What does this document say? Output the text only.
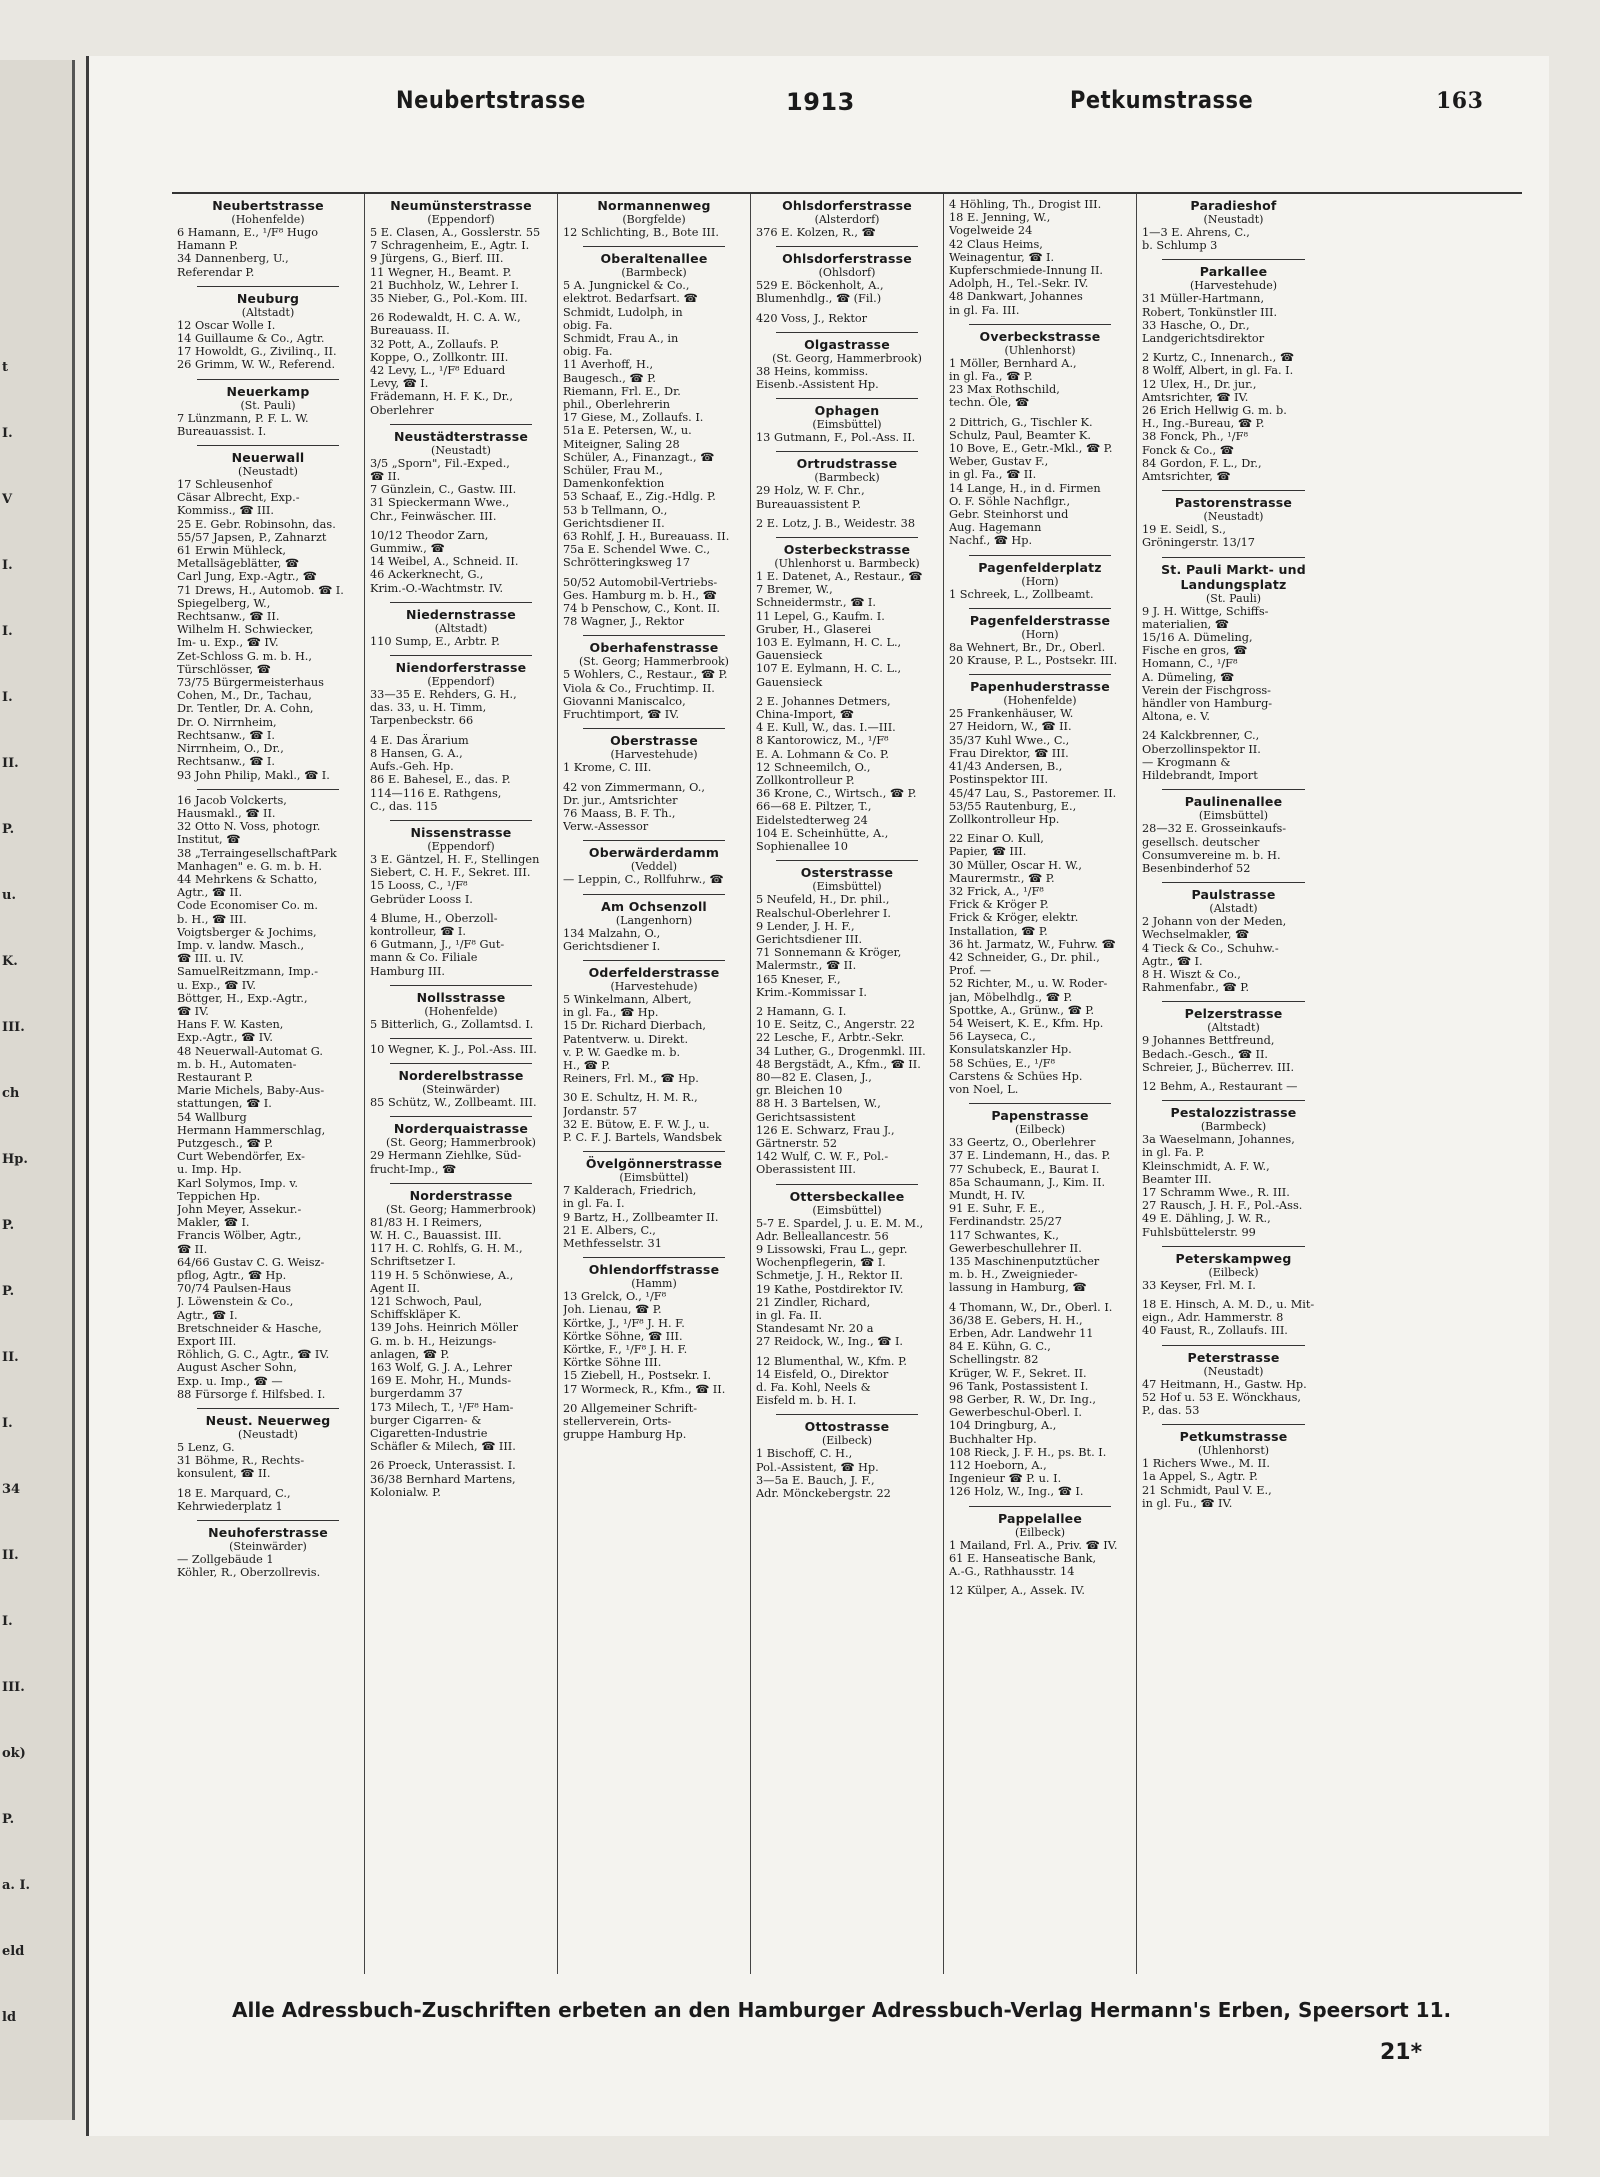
t
I.
V
I.
I.
I.
II.
P.
u.
K.
III.
ch
Hp.
P.
P.
II.
I.
34
II.
I.
III.
ok)
P.
a. I.
eld
ld
Neubertstrasse	1913	Petkumstrasse	163
Neubertstrasse
(Hohenfelde)
6 Hamann, E., ¹/F⁸ Hugo
Hamann P.
34 Dannenberg, U.,
Referendar P.
Neuburg
(Altstadt)
12 Oscar Wolle I.
14 Guillaume & Co., Agtr.
17 Howoldt, G., Zivilinq., II.
26 Grimm, W. W., Referend.
Neuerkamp
(St. Pauli)
7 Lünzmann, P. F. L. W.
Bureauassist. I.
Neuerwall
(Neustadt)
17 Schleusenhof
Cäsar Albrecht, Exp.-
Kommiss., ☎ III.
25 E. Gebr. Robinsohn, das.
55/57 Japsen, P., Zahnarzt
61 Erwin Mühleck,
Metallsägeblätter, ☎
Carl Jung, Exp.-Agtr., ☎
71 Drews, H., Automob. ☎ I.
Spiegelberg, W.,
Rechtsanw., ☎ II.
Wilhelm H. Schwiecker,
Im- u. Exp., ☎ IV.
Zet-Schloss G. m. b. H.,
Türschlösser, ☎
73/75 Bürgermeisterhaus
Cohen, M., Dr., Tachau,
Dr. Tentler, Dr. A. Cohn,
Dr. O. Nirrnheim,
Rechtsanw., ☎ I.
Nirrnheim, O., Dr.,
Rechtsanw., ☎ I.
93 John Philip, Makl., ☎ I.
16 Jacob Volckerts,
Hausmakl., ☎ II.
32 Otto N. Voss, photogr.
Institut, ☎
38 „TerraingesellschaftPark
Manhagen" e. G. m. b. H.
44 Mehrkens & Schatto,
Agtr., ☎ II.
Code Economiser Co. m.
b. H., ☎ III.
Voigtsberger & Jochims,
Imp. v. landw. Masch.,
☎ III. u. IV.
SamuelReitzmann, Imp.-
u. Exp., ☎ IV.
Böttger, H., Exp.-Agtr.,
☎ IV.
Hans F. W. Kasten,
Exp.-Agtr., ☎ IV.
48 Neuerwall-Automat G.
m. b. H., Automaten-
Restaurant P.
Marie Michels, Baby-Aus-
stattungen, ☎ I.
54 Wallburg
Hermann Hammerschlag,
Putzgesch., ☎ P.
Curt Webendörfer, Ex-
u. Imp. Hp.
Karl Solymos, Imp. v.
Teppichen Hp.
John Meyer, Assekur.-
Makler, ☎ I.
Francis Wölber, Agtr.,
☎ II.
64/66 Gustav C. G. Weisz-
pflog, Agtr., ☎ Hp.
70/74 Paulsen-Haus
J. Löwenstein & Co.,
Agtr., ☎ I.
Bretschneider & Hasche,
Export III.
Röhlich, G. C., Agtr., ☎ IV.
August Ascher Sohn,
Exp. u. Imp., ☎ —
88 Fürsorge f. Hilfsbed. I.
Neust. Neuerweg
(Neustadt)
5 Lenz, G.
31 Böhme, R., Rechts-
konsulent, ☎ II.
18 E. Marquard, C.,
Kehrwiederplatz 1
Neuhoferstrasse
(Steinwärder)
— Zollgebäude 1
Köhler, R., Oberzollrevis.
Neumünsterstrasse
(Eppendorf)
5 E. Clasen, A., Gosslerstr. 55
7 Schragenheim, E., Agtr. I.
9 Jürgens, G., Bierf. III.
11 Wegner, H., Beamt. P.
21 Buchholz, W., Lehrer I.
35 Nieber, G., Pol.-Kom. III.
26 Rodewaldt, H. C. A. W.,
Bureauass. II.
32 Pott, A., Zollaufs. P.
Koppe, O., Zollkontr. III.
42 Levy, L., ¹/F⁸ Eduard
Levy, ☎ I.
Frädemann, H. F. K., Dr.,
Oberlehrer
Neustädterstrasse
(Neustadt)
3/5 „Sporn", Fil.-Exped.,
☎ II.
7 Günzlein, C., Gastw. III.
31 Spieckermann Wwe.,
Chr., Feinwäscher. III.
10/12 Theodor Zarn,
Gummiw., ☎
14 Weibel, A., Schneid. II.
46 Ackerknecht, G.,
Krim.-O.-Wachtmstr. IV.
Niedernstrasse
(Altstadt)
110 Sump, E., Arbtr. P.
Niendorferstrasse
(Eppendorf)
33—35 E. Rehders, G. H.,
das. 33, u. H. Timm,
Tarpenbeckstr. 66
4 E. Das Ärarium
8 Hansen, G. A.,
Aufs.-Geh. Hp.
86 E. Bahesel, E., das. P.
114—116 E. Rathgens,
C., das. 115
Nissenstrasse
(Eppendorf)
3 E. Gäntzel, H. F., Stellingen
Siebert, C. H. F., Sekret. III.
15 Looss, C., ¹/F⁸
Gebrüder Looss I.
4 Blume, H., Oberzoll-
kontrolleur, ☎ I.
6 Gutmann, J., ¹/F⁸ Gut-
mann & Co. Filiale
Hamburg III.
Nollsstrasse
(Hohenfelde)
5 Bitterlich, G., Zollamtsd. I.
10 Wegner, K. J., Pol.-Ass. III.
Norderelbstrasse
(Steinwärder)
85 Schütz, W., Zollbeamt. III.
Norderquaistrasse
(St. Georg; Hammerbrook)
29 Hermann Ziehlke, Süd-
frucht-Imp., ☎
Norderstrasse
(St. Georg; Hammerbrook)
81/83 H. I Reimers,
W. H. C., Bauassist. III.
117 H. C. Rohlfs, G. H. M.,
Schriftsetzer I.
119 H. 5 Schönwiese, A.,
Agent II.
121 Schwoch, Paul,
Schiffskläper K.
139 Johs. Heinrich Möller
G. m. b. H., Heizungs-
anlagen, ☎ P.
163 Wolf, G. J. A., Lehrer
169 E. Mohr, H., Munds-
burgerdamm 37
173 Milech, T., ¹/F⁸ Ham-
burger Cigarren- &
Cigaretten-Industrie
Schäfler & Milech, ☎ III.
26 Proeck, Unterassist. I.
36/38 Bernhard Martens,
Kolonialw. P.
Normannenweg
(Borgfelde)
12 Schlichting, B., Bote III.
Oberaltenallee
(Barmbeck)
5 A. Jungnickel & Co.,
elektrot. Bedarfsart. ☎
Schmidt, Ludolph, in
obig. Fa.
Schmidt, Frau A., in
obig. Fa.
11 Averhoff, H.,
Baugesch., ☎ P.
Riemann, Frl. E., Dr.
phil., Oberlehrerin
17 Giese, M., Zollaufs. I.
51a E. Petersen, W., u.
Miteigner, Saling 28
Schüler, A., Finanzagt., ☎
Schüler, Frau M.,
Damenkonfektion
53 Schaaf, E., Zig.-Hdlg. P.
53 b Tellmann, O.,
Gerichtsdiener II.
63 Rohlf, J. H., Bureauass. II.
75a E. Schendel Wwe. C.,
Schrötteringksweg 17
50/52 Automobil-Vertriebs-
Ges. Hamburg m. b. H., ☎
74 b Penschow, C., Kont. II.
78 Wagner, J., Rektor
Oberhafenstrasse
(St. Georg; Hammerbrook)
5 Wohlers, C., Restaur., ☎ P.
Viola & Co., Fruchtimp. II.
Giovanni Maniscalco,
Fruchtimport, ☎ IV.
Oberstrasse
(Harvestehude)
1 Krome, C. III.
42 von Zimmermann, O.,
Dr. jur., Amtsrichter
76 Maass, B. F. Th.,
Verw.-Assessor
Oberwärderdamm
(Veddel)
— Leppin, C., Rollfuhrw., ☎
Am Ochsenzoll
(Langenhorn)
134 Malzahn, O.,
Gerichtsdiener I.
Oderfelderstrasse
(Harvestehude)
5 Winkelmann, Albert,
in gl. Fa., ☎ Hp.
15 Dr. Richard Dierbach,
Patentverw. u. Direkt.
v. P. W. Gaedke m. b.
H., ☎ P.
Reiners, Frl. M., ☎ Hp.
30 E. Schultz, H. M. R.,
Jordanstr. 57
32 E. Bütow, E. F. W. J., u.
P. C. F. J. Bartels, Wandsbek
Övelgönnerstrasse
(Eimsbüttel)
7 Kalderach, Friedrich,
in gl. Fa. I.
9 Bartz, H., Zollbeamter II.
21 E. Albers, C.,
Methfesselstr. 31
Ohlendorffstrasse
(Hamm)
13 Grelck, O., ¹/F⁸
Joh. Lienau, ☎ P.
Körtke, J., ¹/F⁸ J. H. F.
Körtke Söhne, ☎ III.
Körtke, F., ¹/F⁸ J. H. F.
Körtke Söhne III.
15 Ziebell, H., Postsekr. I.
17 Wormeck, R., Kfm., ☎ II.
20 Allgemeiner Schrift-
stellerverein, Orts-
gruppe Hamburg Hp.
Ohlsdorferstrasse
(Alsterdorf)
376 E. Kolzen, R., ☎
Ohlsdorferstrasse
(Ohlsdorf)
529 E. Böckenholt, A.,
Blumenhdlg., ☎ (Fil.)
420 Voss, J., Rektor
Olgastrasse
(St. Georg, Hammerbrook)
38 Heins, kommiss.
Eisenb.-Assistent Hp.
Ophagen
(Eimsbüttel)
13 Gutmann, F., Pol.-Ass. II.
Ortrudstrasse
(Barmbeck)
29 Holz, W. F. Chr.,
Bureauassistent P.
2 E. Lotz, J. B., Weidestr. 38
Osterbeckstrasse
(Uhlenhorst u. Barmbeck)
1 E. Datenet, A., Restaur., ☎
7 Bremer, W.,
Schneidermstr., ☎ I.
11 Lepel, G., Kaufm. I.
Gruber, H., Glaserei
103 E. Eylmann, H. C. L.,
Gauensieck
107 E. Eylmann, H. C. L.,
Gauensieck
2 E. Johannes Detmers,
China-Import, ☎
4 E. Kull, W., das. I.—III.
8 Kantorowicz, M., ¹/F⁸
E. A. Lohmann & Co. P.
12 Schneemilch, O.,
Zollkontrolleur P.
36 Krone, C., Wirtsch., ☎ P.
66—68 E. Piltzer, T.,
Eidelstedterweg 24
104 E. Scheinhütte, A.,
Sophienallee 10
Osterstrasse
(Eimsbüttel)
5 Neufeld, H., Dr. phil.,
Realschul-Oberlehrer I.
9 Lender, J. H. F.,
Gerichtsdiener III.
71 Sonnemann & Kröger,
Malermstr., ☎ II.
165 Kneser, F.,
Krim.-Kommissar I.
2 Hamann, G. I.
10 E. Seitz, C., Angerstr. 22
22 Lesche, F., Arbtr.-Sekr.
34 Luther, G., Drogenmkl. III.
48 Bergstädt, A., Kfm., ☎ II.
80—82 E. Clasen, J.,
gr. Bleichen 10
88 H. 3 Bartelsen, W.,
Gerichtsassistent
126 E. Schwarz, Frau J.,
Gärtnerstr. 52
142 Wulf, C. W. F., Pol.-
Oberassistent III.
Ottersbeckallee
(Eimsbüttel)
5-7 E. Spardel, J. u. E. M. M.,
Adr. Belleallancestr. 56
9 Lissowski, Frau L., gepr.
Wochenpflegerin, ☎ I.
Schmetje, J. H., Rektor II.
19 Kathe, Postdirektor IV.
21 Zindler, Richard,
in gl. Fa. II.
Standesamt Nr. 20 a
27 Reidock, W., Ing., ☎ I.
12 Blumenthal, W., Kfm. P.
14 Eisfeld, O., Direktor
d. Fa. Kohl, Neels &
Eisfeld m. b. H. I.
Ottostrasse
(Eilbeck)
1 Bischoff, C. H.,
Pol.-Assistent, ☎ Hp.
3—5a E. Bauch, J. F.,
Adr. Mönckebergstr. 22
4 Höhling, Th., Drogist III.
18 E. Jenning, W.,
Vogelweide 24
42 Claus Heims,
Weinagentur, ☎ I.
Kupferschmiede-Innung II.
Adolph, H., Tel.-Sekr. IV.
48 Dankwart, Johannes
in gl. Fa. III.
Overbeckstrasse
(Uhlenhorst)
1 Möller, Bernhard A.,
in gl. Fa., ☎ P.
23 Max Rothschild,
techn. Öle, ☎
2 Dittrich, G., Tischler K.
Schulz, Paul, Beamter K.
10 Bove, E., Getr.-Mkl., ☎ P.
Weber, Gustav F.,
in gl. Fa., ☎ II.
14 Lange, H., in d. Firmen
O. F. Söhle Nachflgr.,
Gebr. Steinhorst und
Aug. Hagemann
Nachf., ☎ Hp.
Pagenfelderplatz
(Horn)
1 Schreek, L., Zollbeamt.
Pagenfelderstrasse
(Horn)
8a Wehnert, Br., Dr., Oberl.
20 Krause, P. L., Postsekr. III.
Papenhuderstrasse
(Hohenfelde)
25 Frankenhäuser, W.
27 Heidorn, W., ☎ II.
35/37 Kuhl Wwe., C.,
Frau Direktor, ☎ III.
41/43 Andersen, B.,
Postinspektor III.
45/47 Lau, S., Pastoremer. II.
53/55 Rautenburg, E.,
Zollkontrolleur Hp.
22 Einar O. Kull,
Papier, ☎ III.
30 Müller, Oscar H. W.,
Maurermstr., ☎ P.
32 Frick, A., ¹/F⁸
Frick & Kröger P.
Frick & Kröger, elektr.
Installation, ☎ P.
36 ht. Jarmatz, W., Fuhrw. ☎
42 Schneider, G., Dr. phil.,
Prof. —
52 Richter, M., u. W. Roder-
jan, Möbelhdlg., ☎ P.
Spottke, A., Grünw., ☎ P.
54 Weisert, K. E., Kfm. Hp.
56 Layseca, C.,
Konsulatskanzler Hp.
58 Schües, E., ¹/F⁸
Carstens & Schües Hp.
von Noel, L.
Papenstrasse
(Eilbeck)
33 Geertz, O., Oberlehrer
37 E. Lindemann, H., das. P.
77 Schubeck, E., Baurat I.
85a Schaumann, J., Kim. II.
Mundt, H. IV.
91 E. Suhr, F. E.,
Ferdinandstr. 25/27
117 Schwantes, K.,
Gewerbeschullehrer II.
135 Maschinenputztücher
m. b. H., Zweignieder-
lassung in Hamburg, ☎
4 Thomann, W., Dr., Oberl. I.
36/38 E. Gebers, H. H.,
Erben, Adr. Landwehr 11
84 E. Kühn, G. C.,
Schellingstr. 82
Krüger, W. F., Sekret. II.
96 Tank, Postassistent I.
98 Gerber, R. W., Dr. Ing.,
Gewerbeschul-Oberl. I.
104 Dringburg, A.,
Buchhalter Hp.
108 Rieck, J. F. H., ps. Bt. I.
112 Hoeborn, A.,
Ingenieur ☎ P. u. I.
126 Holz, W., Ing., ☎ I.
Pappelallee
(Eilbeck)
1 Mailand, Frl. A., Priv. ☎ IV.
61 E. Hanseatische Bank,
A.-G., Rathhausstr. 14
12 Külper, A., Assek. IV.
Paradieshof
(Neustadt)
1—3 E. Ahrens, C.,
b. Schlump 3
Parkallee
(Harvestehude)
31 Müller-Hartmann,
Robert, Tonkünstler III.
33 Hasche, O., Dr.,
Landgerichtsdirektor
2 Kurtz, C., Innenarch., ☎
8 Wolff, Albert, in gl. Fa. I.
12 Ulex, H., Dr. jur.,
Amtsrichter, ☎ IV.
26 Erich Hellwig G. m. b.
H., Ing.-Bureau, ☎ P.
38 Fonck, Ph., ¹/F⁸
Fonck & Co., ☎
84 Gordon, F. L., Dr.,
Amtsrichter, ☎
Pastorenstrasse
(Neustadt)
19 E. Seidl, S.,
Gröningerstr. 13/17
St. Pauli Markt- und Landungsplatz
(St. Pauli)
9 J. H. Wittge, Schiffs-
materialien, ☎
15/16 A. Dümeling,
Fische en gros, ☎
Homann, C., ¹/F⁸
A. Dümeling, ☎
Verein der Fischgross-
händler von Hamburg-
Altona, e. V.
24 Kalckbrenner, C.,
Oberzollinspektor II.
— Krogmann &
Hildebrandt, Import
Paulinenallee
(Eimsbüttel)
28—32 E. Grosseinkaufs-
gesellsch. deutscher
Consumvereine m. b. H.
Besenbinderhof 52
Paulstrasse
(Alstadt)
2 Johann von der Meden,
Wechselmakler, ☎
4 Tieck & Co., Schuhw.-
Agtr., ☎ I.
8 H. Wiszt & Co.,
Rahmenfabr., ☎ P.
Pelzerstrasse
(Altstadt)
9 Johannes Bettfreund,
Bedach.-Gesch., ☎ II.
Schreier, J., Bücherrev. III.
12 Behm, A., Restaurant —
Pestalozzistrasse
(Barmbeck)
3a Waeselmann, Johannes,
in gl. Fa. P.
Kleinschmidt, A. F. W.,
Beamter III.
17 Schramm Wwe., R. III.
27 Rausch, J. H. F., Pol.-Ass.
49 E. Dähling, J. W. R.,
Fuhlsbüttelerstr. 99
Peterskampweg
(Eilbeck)
33 Keyser, Frl. M. I.
18 E. Hinsch, A. M. D., u. Mit-
eign., Adr. Hammerstr. 8
40 Faust, R., Zollaufs. III.
Peterstrasse
(Neustadt)
47 Heitmann, H., Gastw. Hp.
52 Hof u. 53 E. Wönckhaus,
P., das. 53
Petkumstrasse
(Uhlenhorst)
1 Richers Wwe., M. II.
1a Appel, S., Agtr. P.
21 Schmidt, Paul V. E.,
in gl. Fu., ☎ IV.
Alle Adressbuch-Zuschriften erbeten an den Hamburger Adressbuch-Verlag Hermann's Erben, Speersort 11.
21*
